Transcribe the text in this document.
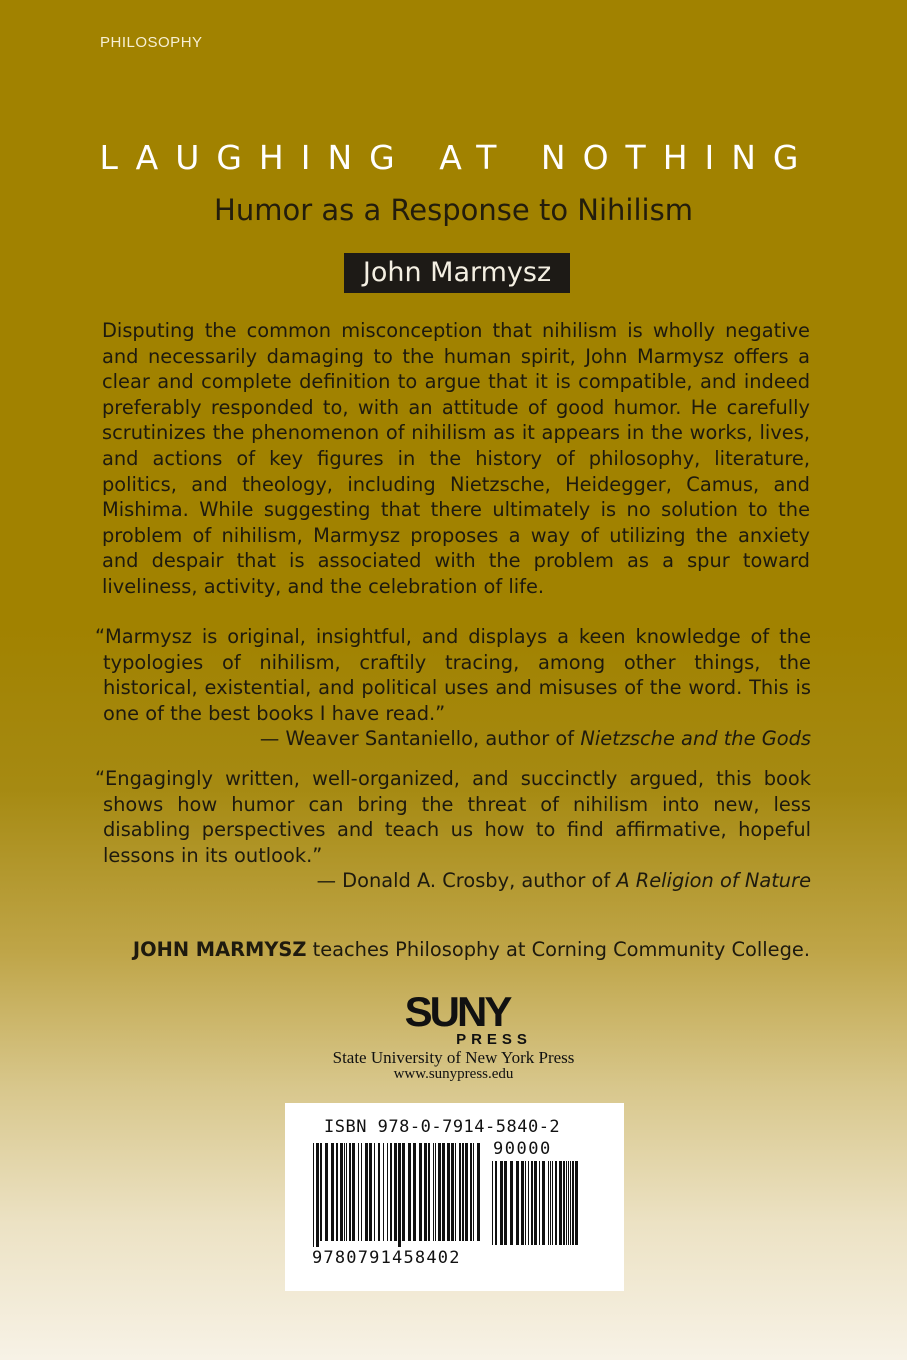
PHILOSOPHY
LAUGHING AT NOTHING
Humor as a Response to Nihilism
John Marmysz
Disputing the common misconception that nihilism is wholly negative and necessarily damaging to the human spirit, John Marmysz offers a clear and complete definition to argue that it is compatible, and indeed preferably responded to, with an attitude of good humor. He carefully scrutinizes the phenomenon of nihilism as it appears in the works, lives, and actions of key figures in the history of philosophy, literature, politics, and theology, including Nietzsche, Heidegger, Camus, and Mishima. While suggesting that there ultimately is no solution to the problem of nihilism, Marmysz proposes a way of utilizing the anxiety and despair that is associated with the problem as a spur toward liveliness, activity, and the celebration of life.
“Marmysz is original, insightful, and displays a keen knowledge of the typologies of nihilism, craftily tracing, among other things, the historical, existential, and political uses and misuses of the word. This is one of the best books I have read.”
— Weaver Santaniello, author of Nietzsche and the Gods
“Engagingly written, well-organized, and succinctly argued, this book shows how humor can bring the threat of nihilism into new, less disabling perspectives and teach us how to find affirmative, hopeful lessons in its outlook.”
— Donald A. Crosby, author of A Religion of Nature
JOHN MARMYSZ teaches Philosophy at Corning Community College.
SUNY
PRESS
State University of New York Press
www.sunypress.edu
ISBN 978-0-7914-5840-2
90000
9780791458402
